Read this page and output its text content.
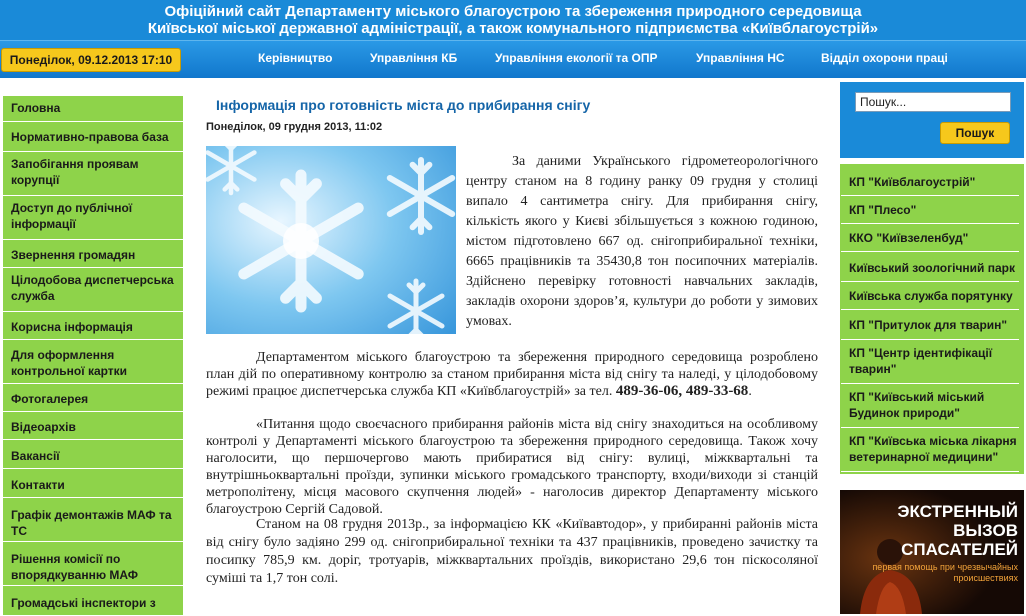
Офіційний сайт Департаменту міського благоустрою та збереження природного середовища
Київської міської державної адміністрації, а також комунального підприємства «Київблагоустрій»
Понеділок, 09.12.2013 17:10	Керівництво	Управління КБ	Управління екології та ОПР	Управління НС	Відділ охорони праці
Головна
Нормативно-правова база
Запобігання проявам корупції
Доступ до публічної інформації
Звернення громадян
Цілодобова диспетчерська служба
Корисна інформація
Для оформлення контрольної картки
Фотогалерея
Відеоархів
Вакансії
Контакти
Графік демонтажів МАФ та ТС
Рішення комісії по впорядкуванню МАФ
Громадські інспектори з
Інформація про готовність міста до прибирання снігу
Понеділок, 09 грудня 2013, 11:02
За даними Українського гідрометеорологічного центру станом на 8 годину ранку 09 грудня у столиці випало 4 сантиметра снігу. Для прибирання снігу, кількість якого у Києві збільшується з кожною годиною, містом підготовлено 667 од. снігоприбиральної техніки, 6665 працівників та 35430,8 тон посипочних матеріалів. Здійснено перевірку готовності навчальних закладів, закладів охорони здоров’я, культури до роботи у зимових умовах.
Департаментом міського благоустрою та збереження природного середовища розроблено план дій по оперативному контролю за станом прибирання міста від снігу та наледі, у цілодобовому режимі працює диспетчерська служба КП «Київблагоустрій» за тел. 489-36-06, 489-33-68.
«Питання щодо своєчасного прибирання районів міста від снігу знаходиться на особливому контролі у Департаменті міського благоустрою та збереження природного середовища. Також хочу наголосити, що першочергово мають прибиратися від снігу: вулиці, міжквартальні та внутрішньоквартальні проїзди, зупинки міського громадського транспорту, входи/виходи зі станцій метрополітену, місця масового скупчення людей» - наголосив директор Департаменту міського благоустрою Сергій Садовой.
Станом на 08 грудня 2013р., за інформацією КК «Київавтодор», у прибиранні районів міста від снігу було задіяно 299 од. снігоприбиральної техніки та 437 працівників, проведено зачистку та посипку 785,9 км. доріг, тротуарів, міжквартальних проїздів, використано 29,6 тон піскосоляної суміші та 1,7 тон солі.
Пошук...
Пошук
КП "Київблагоустрій"
КП "Плесо"
ККО "Київзеленбуд"
Київський зоологічний парк
Київська служба порятунку
КП "Притулок для тварин"
КП "Центр ідентифікації тварин"
КП "Київський міський Будинок природи"
КП "Київська міська лікарня ветеринарної медицини"
ЭКСТРЕННЫЙ
ВЫЗОВ
СПАСАТЕЛЕЙ
первая помощь при чрезвычайных
происшествиях
